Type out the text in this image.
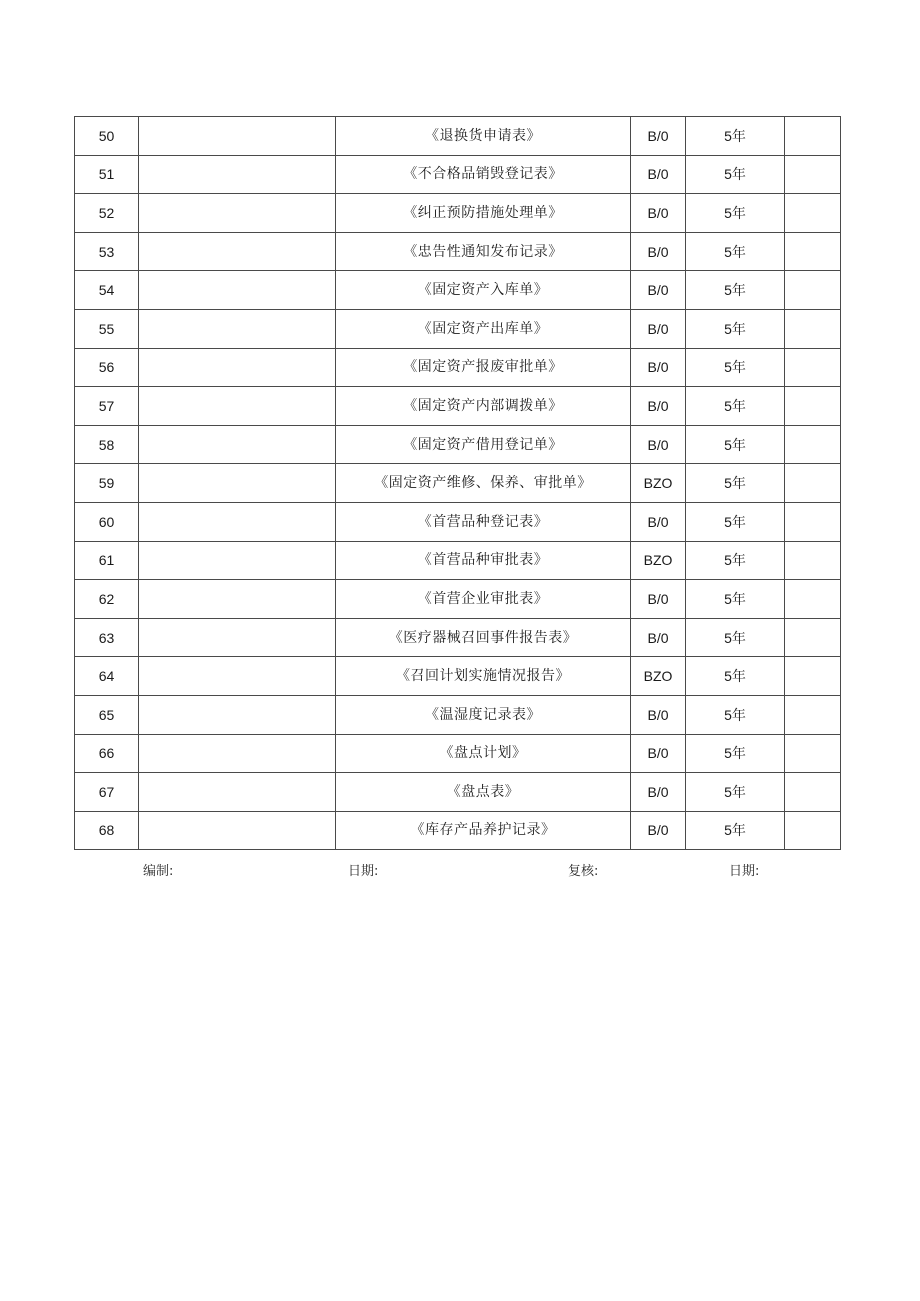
50		《退换货申请表》	B/0	5年	
51		《不合格品销毁登记表》	B/0	5年	
52		《纠正预防措施处理单》	B/0	5年	
53		《忠告性通知发布记录》	B/0	5年	
54		《固定资产入库单》	B/0	5年	
55		《固定资产出库单》	B/0	5年	
56		《固定资产报废审批单》	B/0	5年	
57		《固定资产内部调拨单》	B/0	5年	
58		《固定资产借用登记单》	B/0	5年	
59		《固定资产维修、保养、审批单》	BZO	5年	
60		《首营品种登记表》	B/0	5年	
61		《首营品种审批表》	BZO	5年	
62		《首营企业审批表》	B/0	5年	
63		《医疗器械召回事件报告表》	B/0	5年	
64		《召回计划实施情况报告》	BZO	5年	
65		《温湿度记录表》	B/0	5年	
66		《盘点计划》	B/0	5年	
67		《盘点表》	B/0	5年	
68		《库存产品养护记录》	B/0	5年	
编制:	日期:	复核:	日期:
